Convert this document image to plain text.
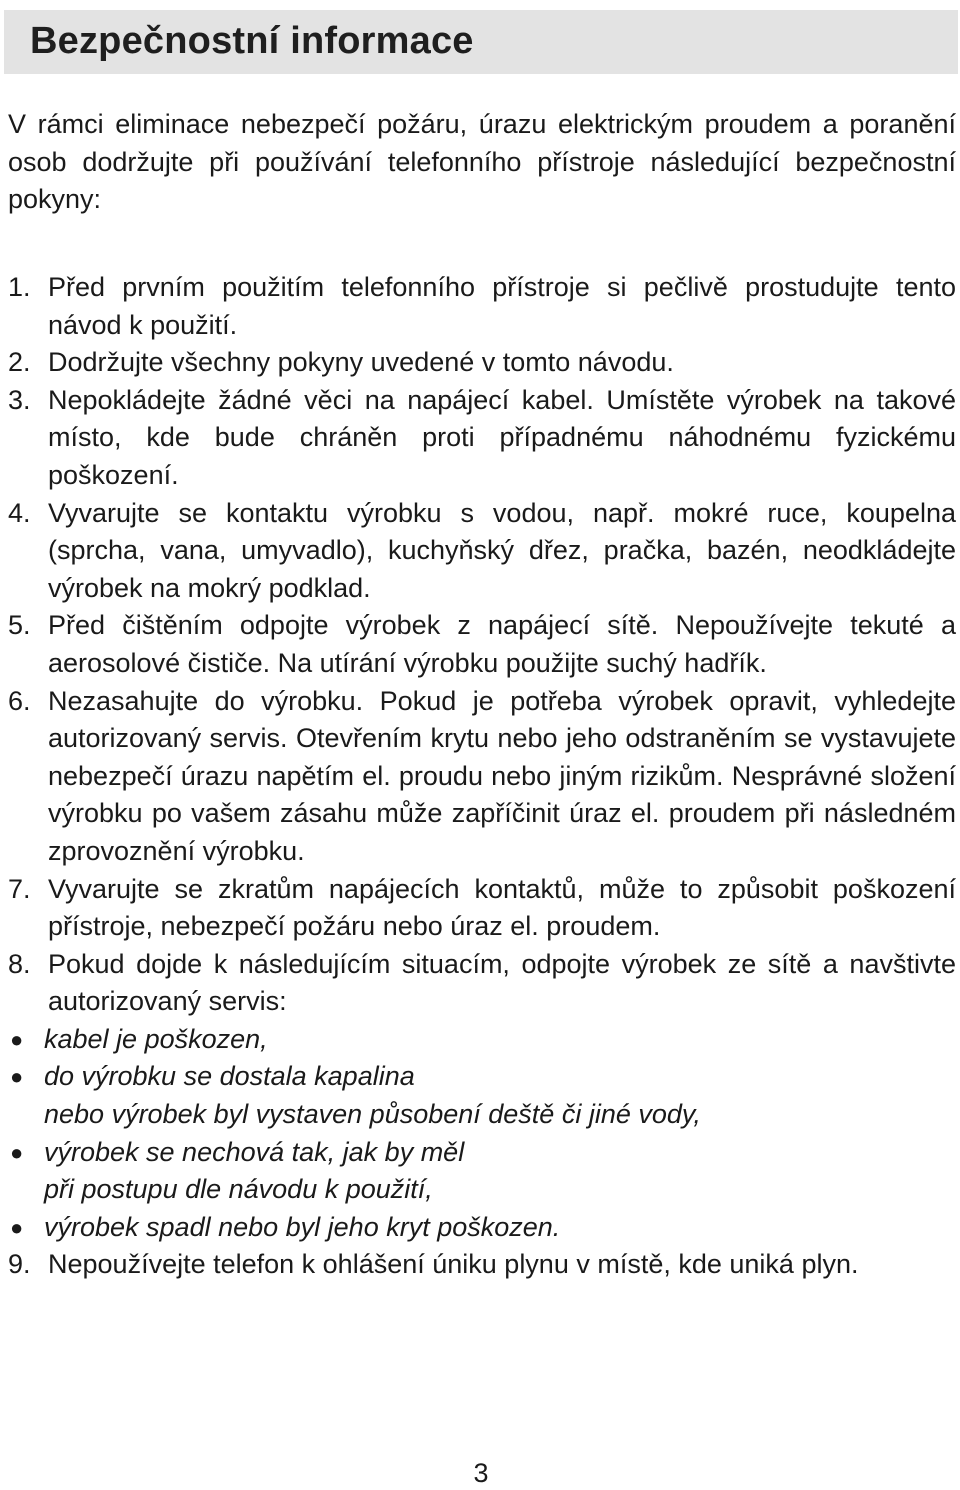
Bezpečnostní informace

V rámci eliminace nebezpečí požáru, úrazu elektrickým proudem a poranění osob dodržujte při používání telefonního přístroje následující bezpečnostní pokyny:

1. Před prvním použitím telefonního přístroje si pečlivě prostudujte tento návod k použití.
2. Dodržujte všechny pokyny uvedené v tomto návodu.
3. Nepokládejte žádné věci na napájecí kabel. Umístěte výrobek na takové místo, kde bude chráněn proti případnému náhodnému fyzickému poškození.
4. Vyvarujte se kontaktu výrobku s vodou, např. mokré ruce, koupelna (sprcha, vana, umyvadlo), kuchyňský dřez, pračka, bazén, neodkládejte výrobek na mokrý podklad.
5. Před čištěním odpojte výrobek z napájecí sítě. Nepoužívejte tekuté a aerosolové čističe. Na utírání výrobku použijte suchý hadřík.
6. Nezasahujte do výrobku. Pokud je potřeba výrobek opravit, vyhledejte autorizovaný servis. Otevřením krytu nebo jeho odstraněním se vystavujete nebezpečí úrazu napětím el. proudu nebo jiným rizikům. Nesprávné složení výrobku po vašem zásahu může zapříčinit úraz el. proudem při následném zprovoznění výrobku.
7. Vyvarujte se zkratům napájecích kontaktů, může to způsobit poškození přístroje, nebezpečí požáru nebo úraz el. proudem.
8. Pokud dojde k následujícím situacím, odpojte výrobek ze sítě a navštivte autorizovaný servis:
● kabel je poškozen,
● do výrobku se dostala kapalina
nebo výrobek byl vystaven působení deště či jiné vody,
● výrobek se nechová tak, jak by měl
při postupu dle návodu k použití,
● výrobek spadl nebo byl jeho kryt poškozen.
9. Nepoužívejte telefon k ohlášení úniku plynu v místě, kde uniká plyn.
3
